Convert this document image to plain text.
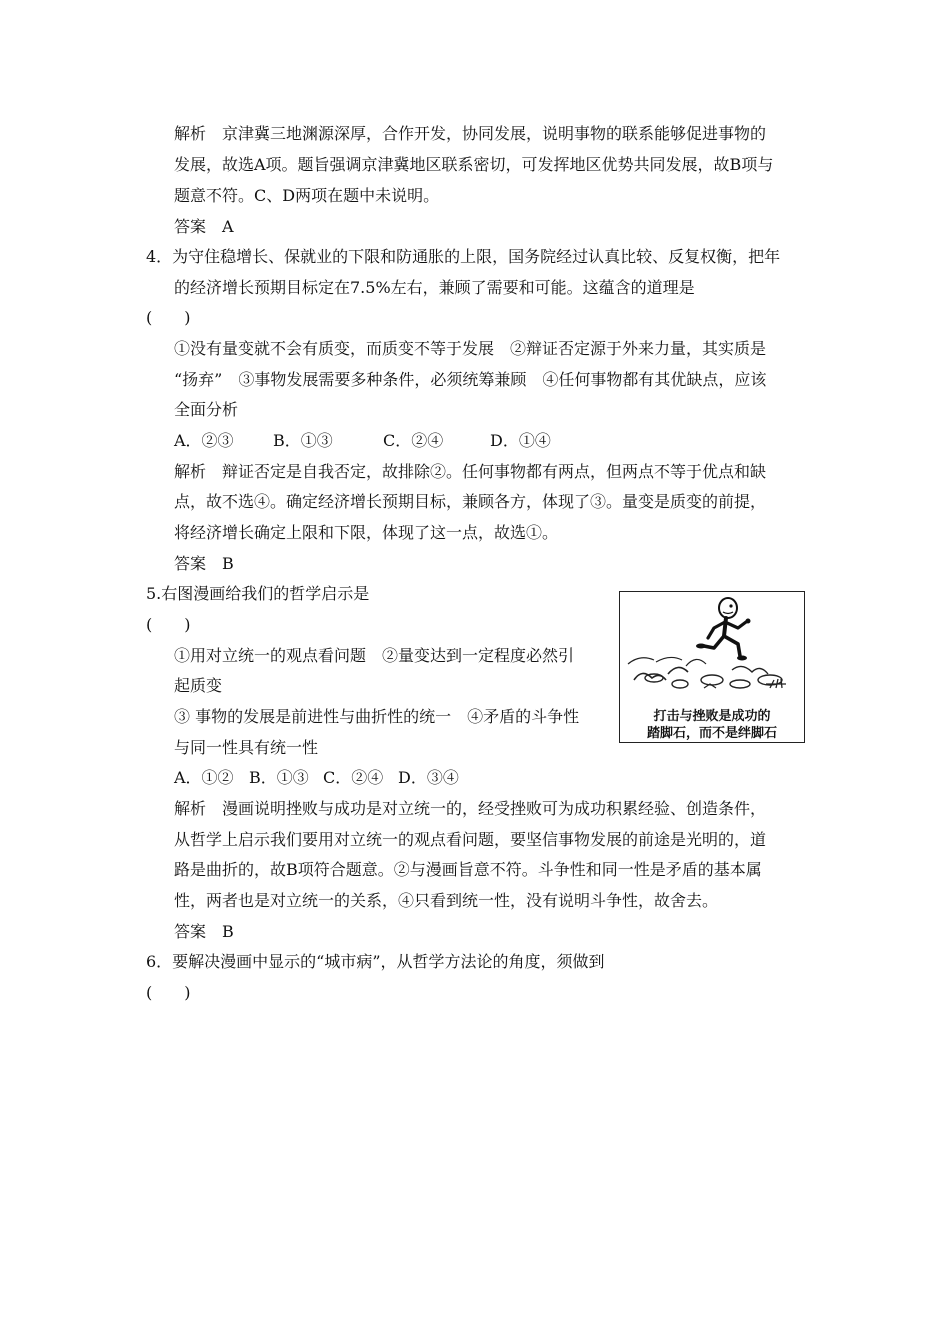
解析　京津冀三地渊源深厚，合作开发，协同发展，说明事物的联系能够促进事物的
发展，故选A项。题旨强调京津冀地区联系密切，可发挥地区优势共同发展，故B项与
题意不符。C、D两项在题中未说明。
答案　A
4．为守住稳增长、保就业的下限和防通胀的上限，国务院经过认真比较、反复权衡，把年
的经济增长预期目标定在7.5%左右，兼顾了需要和可能。这蕴含的道理是
(　　)
①没有量变就不会有质变，而质变不等于发展　②辩证否定源于外来力量，其实质是
“扬弃”　③事物发展需要多种条件，必须统筹兼顾　④任何事物都有其优缺点，应该
全面分析
A．②③ B．①③	C．②④	D．①④
解析　辩证否定是自我否定，故排除②。任何事物都有两点，但两点不等于优点和缺
点，故不选④。确定经济增长预期目标，兼顾各方，体现了③。量变是质变的前提，
将经济增长确定上限和下限，体现了这一点，故选①。
答案　B
5.右图漫画给我们的哲学启示是
(　　)
①用对立统一的观点看问题　②量变达到一定程度必然引
起质变
③ 事物的发展是前进性与曲折性的统一　④矛盾的斗争性
与同一性具有统一性
A．①② B．①③ C．②④ D．③④
打击与挫败是成功的
踏脚石，而不是绊脚石
解析　漫画说明挫败与成功是对立统一的，经受挫败可为成功积累经验、创造条件，
从哲学上启示我们要用对立统一的观点看问题，要坚信事物发展的前途是光明的，道
路是曲折的，故B项符合题意。②与漫画旨意不符。斗争性和同一性是矛盾的基本属
性，两者也是对立统一的关系，④只看到统一性，没有说明斗争性，故舍去。
答案　B
6．要解决漫画中显示的“城市病”，从哲学方法论的角度，须做到
(　　)
